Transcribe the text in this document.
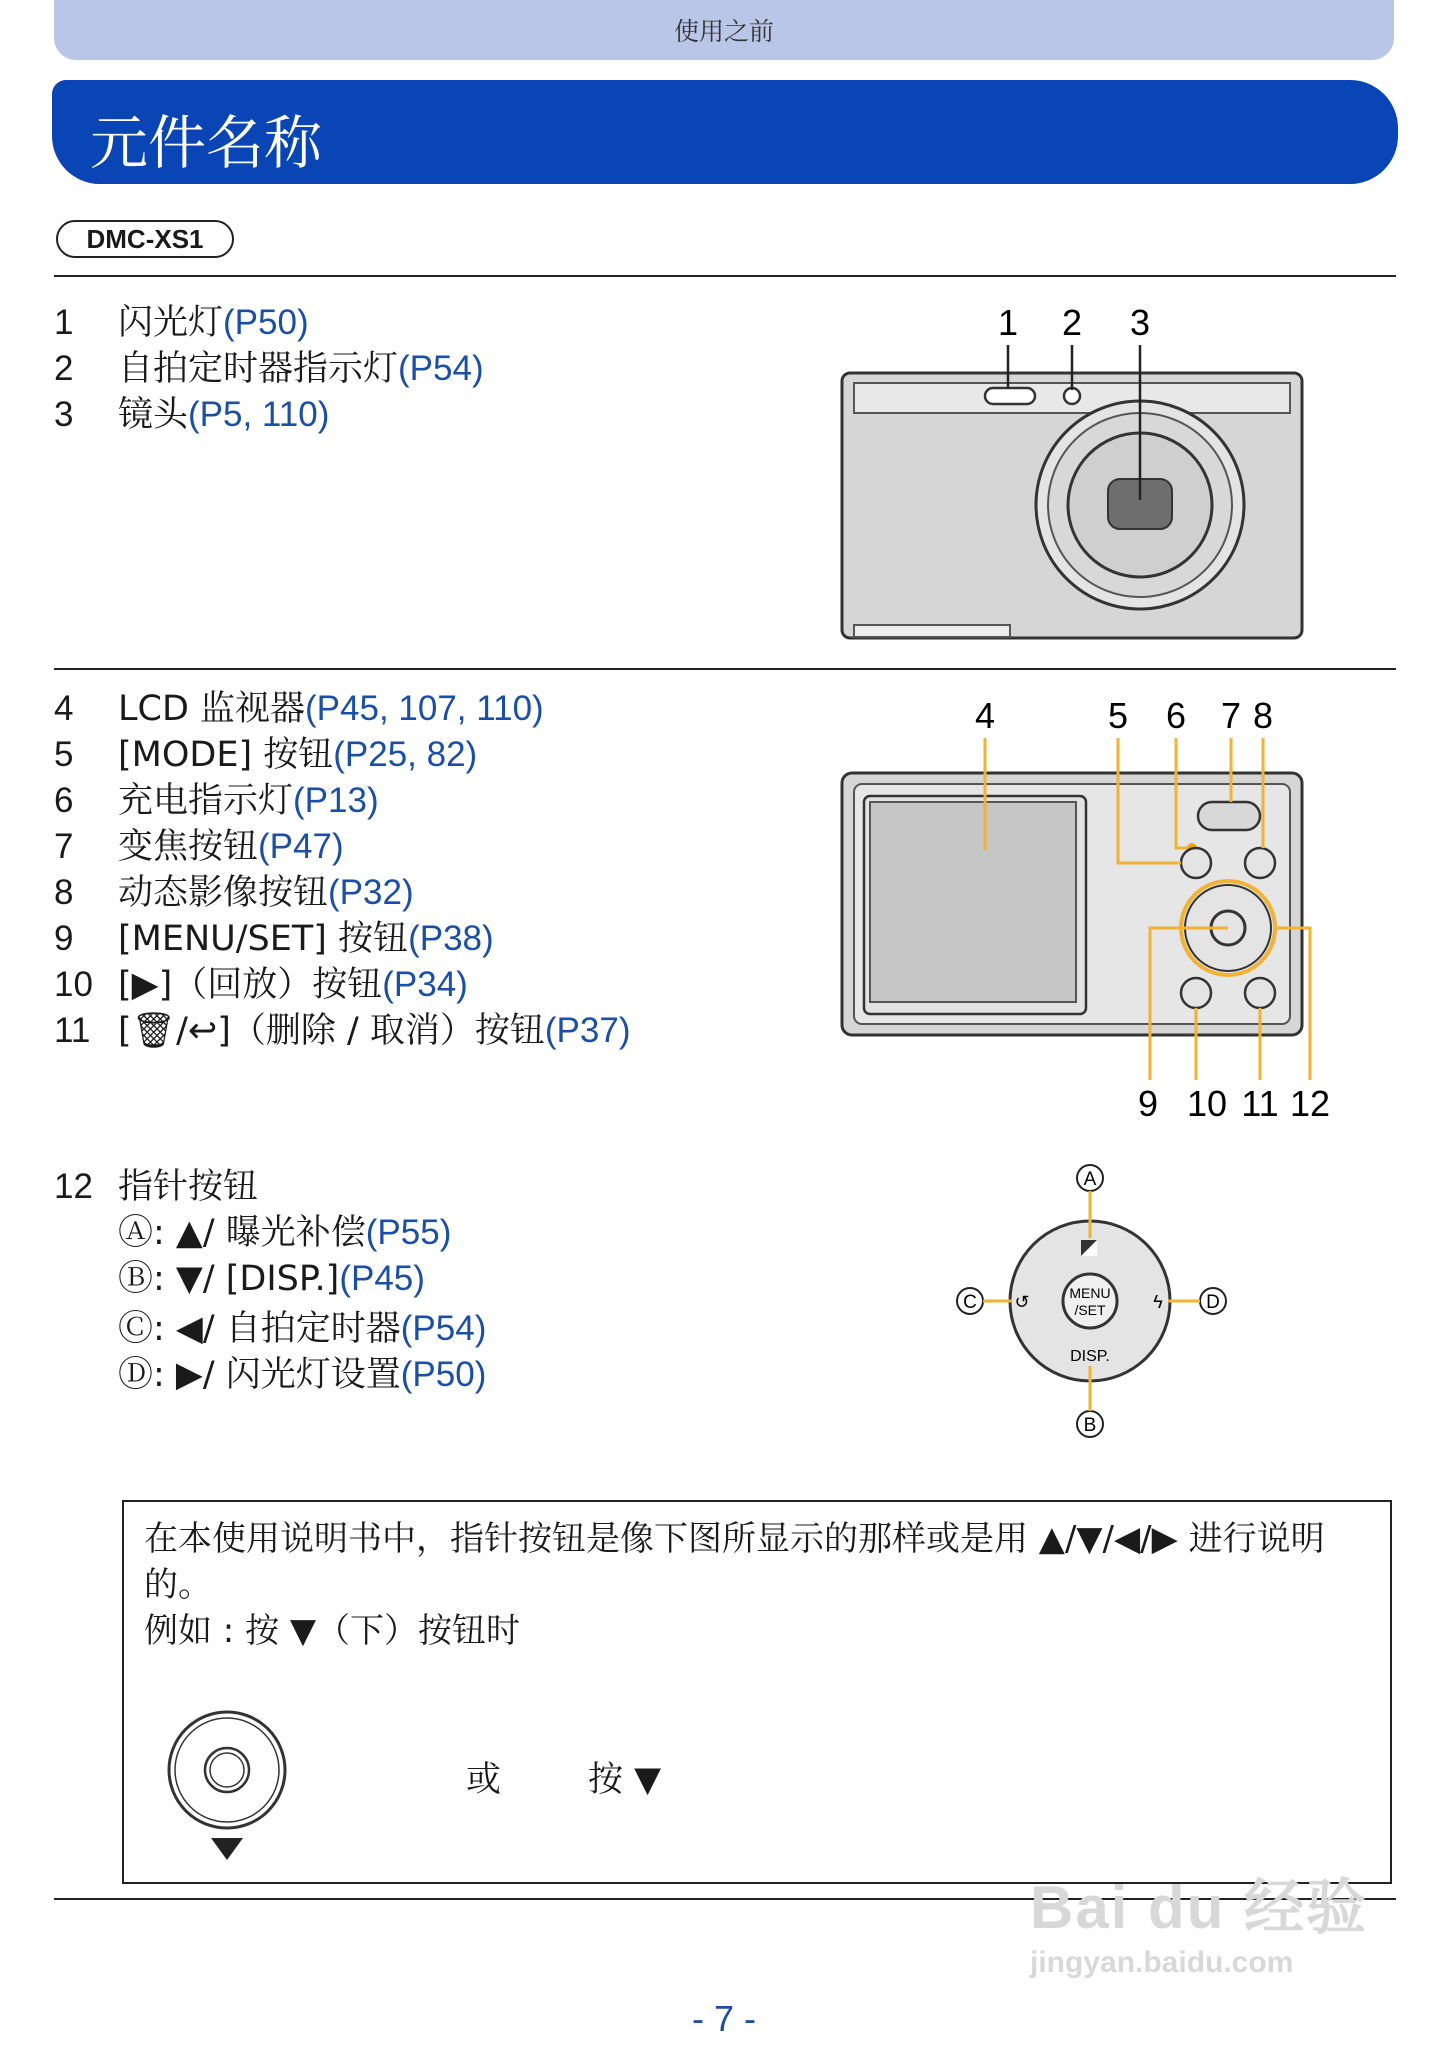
使用之前
元件名称
DMC-XS1
1	闪光灯 (P50)
2	自拍定时器指示灯 (P54)
3	镜头 (P5, 110)
1 2 3
4	LCD 监视器 (P45, 107, 110)
5	[MODE] 按钮 (P25, 82)
6	充电指示灯 (P13)
7	变焦按钮 (P47)
8	动态影像按钮 (P32)
9	[MENU/SET] 按钮 (P38)
10 [▶]（回放）按钮 (P34)
11 [🗑/↩]（删除 / 取消）按钮 (P37)
4	5 6 7 8
9 10 11 12
12 指针按钮
Ⓐ: ▲/ 曝光补偿 (P55)
Ⓑ: ▼/ [DISP.] (P45)
Ⓒ: ◀/ 自拍定时器 (P54)
Ⓓ: ▶/ 闪光灯设置 (P50)
A
B
C	D
MENU
/SET
DISP.
↺	ϟ
在本使用说明书中，指针按钮是像下图所显示的那样或是用 ▲/▼/◀/▶ 进行说明的。
例如 : 按 ▼（下）按钮时
或 按 ▼
Bai du 经验
jingyan.baidu.com
- 7 -
